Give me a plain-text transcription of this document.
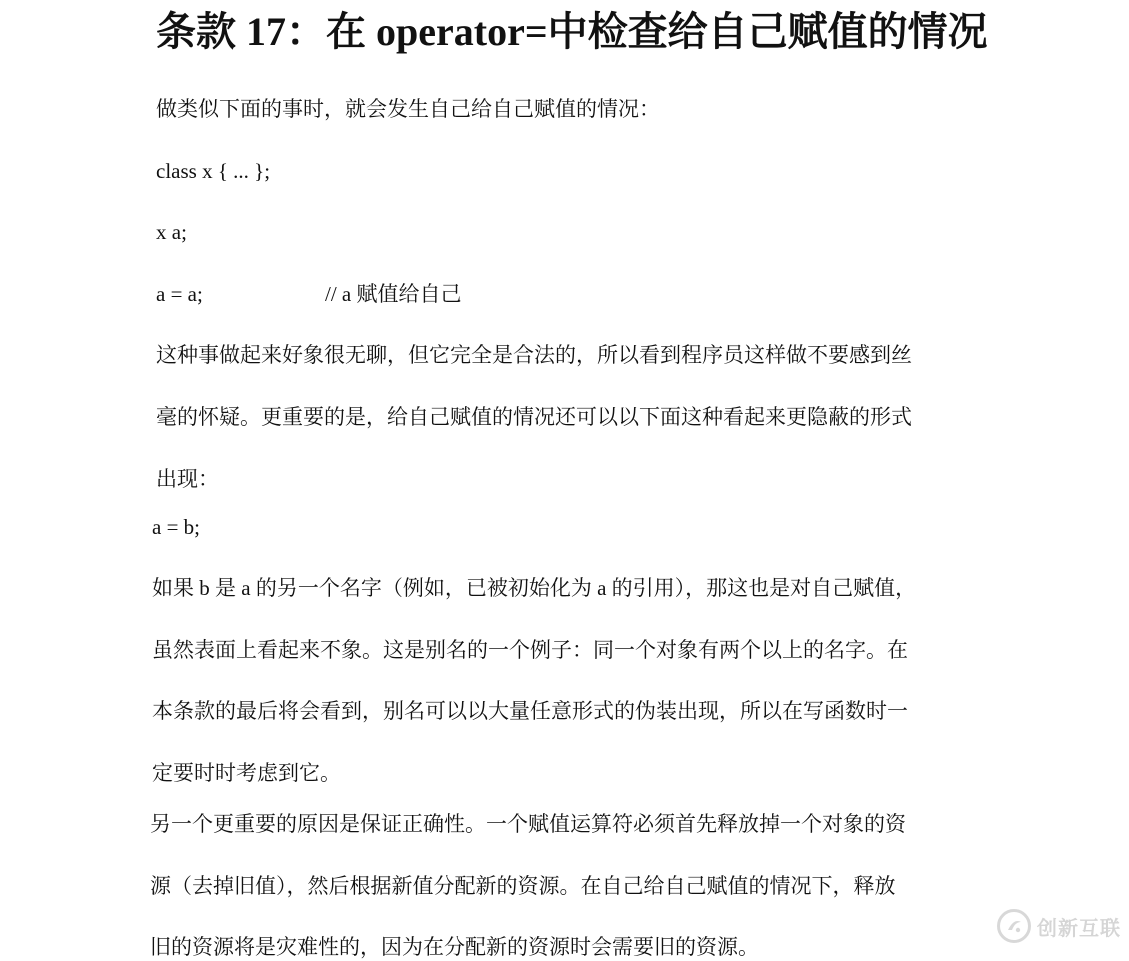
条款 17：在 operator=中检查给自己赋值的情况
做类似下面的事时，就会发生自己给自己赋值的情况：
class x { ... };
x a;
a = a;	// a 赋值给自己
这种事做起来好象很无聊，但它完全是合法的，所以看到程序员这样做不要感到丝
毫的怀疑。更重要的是，给自己赋值的情况还可以以下面这种看起来更隐蔽的形式
出现：
a = b;
如果 b 是 a 的另一个名字（例如，已被初始化为 a 的引用），那这也是对自己赋值，
虽然表面上看起来不象。这是别名的一个例子：同一个对象有两个以上的名字。在
本条款的最后将会看到，别名可以以大量任意形式的伪装出现，所以在写函数时一
定要时时考虑到它。
另一个更重要的原因是保证正确性。一个赋值运算符必须首先释放掉一个对象的资
源（去掉旧值），然后根据新值分配新的资源。在自己给自己赋值的情况下，释放
旧的资源将是灾难性的，因为在分配新的资源时会需要旧的资源。
创新互联
